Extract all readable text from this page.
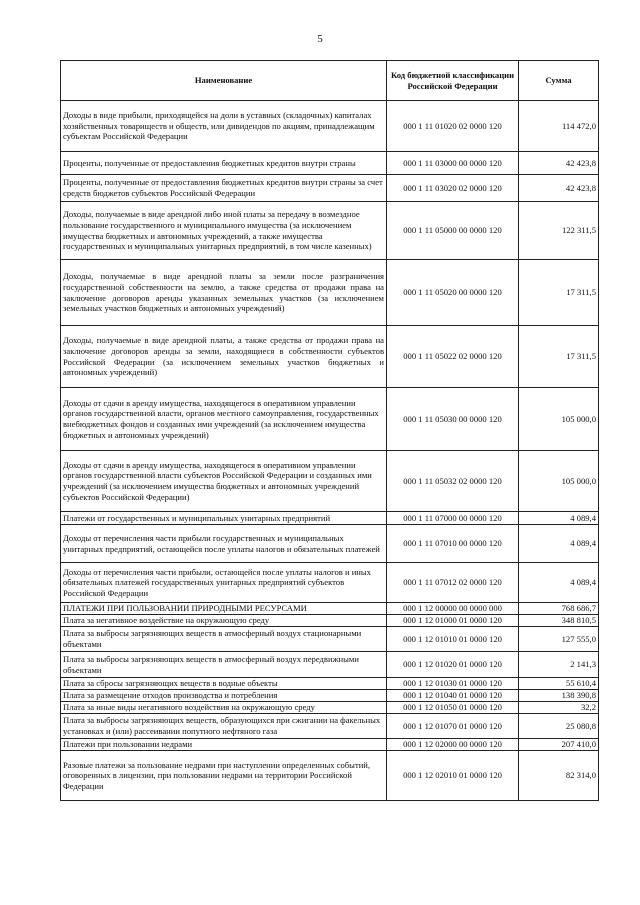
5
Наименование	Код бюджетной классификации Российской Федерации	Сумма
Доходы в виде прибыли, приходящейся на доли в уставных (складочных) капиталах хозяйственных товариществ и обществ, или дивидендов по акциям, принадлежащим субъектам Российской Федерации	000 1 11 01020 02 0000 120	114 472,0
Проценты, полученные от предоставления бюджетных кредитов внутри страны	000 1 11 03000 00 0000 120	42 423,8
Проценты, полученные от предоставления бюджетных кредитов внутри страны за счет средств бюджетов субъектов Российской Федерации	000 1 11 03020 02 0000 120	42 423,8
Доходы, получаемые в виде арендной либо иной платы за передачу в возмездное пользование государственного и муниципального имущества (за исключением имущества бюджетных и автономных учреждений, а также имущества государственных и муниципальных унитарных предприятий, в том числе казенных)	000 1 11 05000 00 0000 120	122 311,5
Доходы, получаемые в виде арендной платы за земли после разграничения государственной собственности на землю, а также средства от продажи права на заключение договоров аренды указанных земельных участков (за исключением земельных участков бюджетных и автономных учреждений)	000 1 11 05020 00 0000 120	17 311,5
Доходы, получаемые в виде арендной платы, а также средства от продажи права на заключение договоров аренды за земли, находящиеся в собственности субъектов Российской Федерации (за исключением земельных участков бюджетных и автономных учреждений)	000 1 11 05022 02 0000 120	17 311,5
Доходы от сдачи в аренду имущества, находящегося в оперативном управлении органов государственной власти, органов местного самоуправления, государственных внебюджетных фондов и созданных ими учреждений (за исключением имущества бюджетных и автономных учреждений)	000 1 11 05030 00 0000 120	105 000,0
Доходы от сдачи в аренду имущества, находящегося в оперативном управлении органов государственной власти субъектов Российской Федерации и созданных ими учреждений (за исключением имущества бюджетных и автономных учреждений субъектов Российской Федерации)	000 1 11 05032 02 0000 120	105 000,0
Платежи от государственных и муниципальных унитарных предприятий	000 1 11 07000 00 0000 120	4 089,4
Доходы от перечисления части прибыли государственных и муниципальных унитарных предприятий, остающейся после уплаты налогов и обязательных платежей	000 1 11 07010 00 0000 120	4 089,4
Доходы от перечисления части прибыли, остающейся после уплаты налогов и иных обязательных платежей государственных унитарных предприятий субъектов Российской Федерации	000 1 11 07012 02 0000 120	4 089,4
ПЛАТЕЖИ ПРИ ПОЛЬЗОВАНИИ ПРИРОДНЫМИ РЕСУРСАМИ	000 1 12 00000 00 0000 000	768 686,7
Плата за негативное воздействие на окружающую среду	000 1 12 01000 01 0000 120	348 810,5
Плата за выбросы загрязняющих веществ в атмосферный воздух стационарными объектами	000 1 12 01010 01 0000 120	127 555,0
Плата за выбросы загрязняющих веществ в атмосферный воздух передвижными объектами	000 1 12 01020 01 0000 120	2 141,3
Плата за сбросы загрязняющих веществ в водные объекты	000 1 12 01030 01 0000 120	55 610,4
Плата за размещение отходов производства и потребления	000 1 12 01040 01 0000 120	138 390,8
Плата за иные виды негативного воздействия на окружающую среду	000 1 12 01050 01 0000 120	32,2
Плата за выбросы загрязняющих веществ, образующихся при сжигании на факельных установках и (или) рассеивании попутного нефтяного газа	000 1 12 01070 01 0000 120	25 080,8
Платежи при пользовании недрами	000 1 12 02000 00 0000 120	207 410,0
Разовые платежи за пользование недрами при наступлении определенных событий, оговоренных в лицензии, при пользовании недрами на территории Российской Федерации	000 1 12 02010 01 0000 120	82 314,0
